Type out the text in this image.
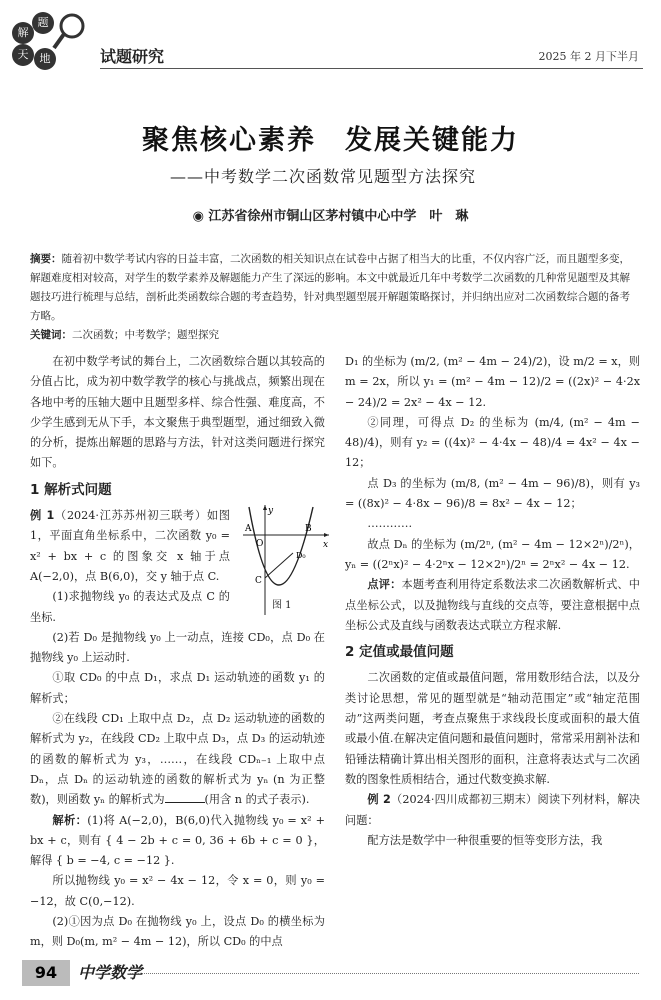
解
题
天	地	试题研究	2025 年 2 月下半月
聚焦核心素养　发展关键能力
——中考数学二次函数常见题型方法探究
◉ 江苏省徐州市铜山区茅村镇中心中学　叶　琳

摘要：随着初中数学考试内容的日益丰富，二次函数的相关知识点在试卷中占据了相当大的比重，不仅内容广泛，而且题型多变，解题难度相对较高，对学生的数学素养及解题能力产生了深远的影响。本文中就最近几年中考数学二次函数的几种常见题型及其解题技巧进行梳理与总结，剖析此类函数综合题的考查趋势，针对典型题型展开解题策略探讨，并归纳出应对二次函数综合题的备考方略。

关键词：二次函数；中考数学；题型探究

在初中数学考试的舞台上，二次函数综合题以其较高的分值占比，成为初中数学教学的核心与挑战点，频繁出现在各地中考的压轴大题中且题型多样、综合性强、难度高，不少学生感到无从下手，本文聚焦于典型题型，通过细致入微的分析，提炼出解题的思路与方法，针对这类问题进行探究如下。

1 解析式问题

例 1（2024·江苏苏州初三联考）如图 1，平面直角坐标系中，二次函数 y₀ = x² + bx + c 的图象交 x 轴于点 A(−2,0)，点 B(6,0)，交 y 轴于点 C.

(1)求抛物线 y₀ 的表达式及点 C 的坐标.

(2)若 D₀ 是抛物线 y₀ 上一动点，连接 CD₀，点 D₀ 在抛物线 y₀ 上运动时.

①取 CD₀ 的中点 D₁，求点 D₁ 运动轨迹的函数 y₁ 的解析式；

②在线段 CD₁ 上取中点 D₂，点 D₂ 运动轨迹的函数的解析式为 y₂，在线段 CD₂ 上取中点 D₃，点 D₃ 的运动轨迹的函数的解析式为 y₃，……，在线段 CDₙ₋₁ 上取中点 Dₙ，点 Dₙ 的运动轨迹的函数的解析式为 yₙ (n 为正整数)，则函数 yₙ 的解析式为	(用含 n 的式子表示).

解析：(1)将 A(−2,0)，B(6,0)代入抛物线 y₀ = x² + bx + c，则有 { 4 − 2b + c = 0, 36 + 6b + c = 0 }，解得 { b = −4, c = −12 }.

所以抛物线 y₀ = x² − 4x − 12，令 x = 0，则 y₀ = −12，故 C(0,−12).

(2)①因为点 D₀ 在抛物线 y₀ 上，设点 D₀ 的横坐标为 m，则 D₀(m, m² − 4m − 12)，所以 CD₀ 的中点

A
O
B
x
y
C
D₀
图 1

D₁ 的坐标为 (m/2, (m² − 4m − 24)/2)，设 m/2 = x，则 m = 2x，所以 y₁ = (m² − 4m − 12)/2 = ((2x)² − 4·2x − 24)/2 = 2x² − 4x − 12.

②同理，可得点 D₂ 的坐标为 (m/4, (m² − 4m − 48)/4)，则有 y₂ = ((4x)² − 4·4x − 48)/4 = 4x² − 4x − 12；

点 D₃ 的坐标为 (m/8, (m² − 4m − 96)/8)，则有 y₃ = ((8x)² − 4·8x − 96)/8 = 8x² − 4x − 12；

…………

故点 Dₙ 的坐标为 (m/2ⁿ, (m² − 4m − 12×2ⁿ)/2ⁿ)，yₙ = ((2ⁿx)² − 4·2ⁿx − 12×2ⁿ)/2ⁿ = 2ⁿx² − 4x − 12.

点评：本题考查利用待定系数法求二次函数解析式、中点坐标公式，以及抛物线与直线的交点等，要注意根据中点坐标公式及直线与函数表达式联立方程求解.

2 定值或最值问题

二次函数的定值或最值问题，常用数形结合法，以及分类讨论思想，常见的题型就是“轴动范围定”或“轴定范围动”这两类问题，考查点聚焦于求线段长度或面积的最大值或最小值.在解决定值问题和最值问题时，常常采用割补法和铅锤法精确计算出相关图形的面积，注意将表达式与二次函数的图象性质相结合，通过代数变换求解.

例 2（2024·四川成都初三期末）阅读下列材料，解决问题：

配方法是数学中一种很重要的恒等变形方法，我

94	中学数学
